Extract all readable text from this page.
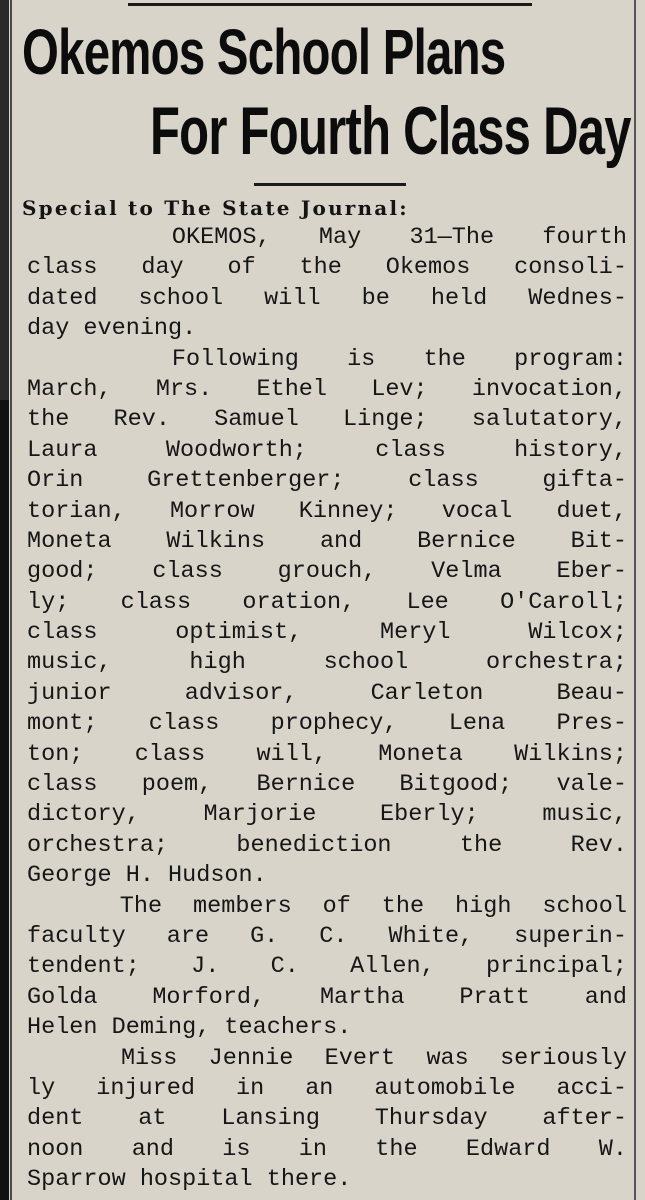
Okemos School Plans
For Fourth Class Day
Special to The State Journal:
OKEMOS, May 31—The fourth
class day of the Okemos consoli-
dated school will be held Wednes-
day evening.
Following is the program:
March, Mrs. Ethel Lev; invocation,
the Rev. Samuel Linge; salutatory,
Laura Woodworth; class history,
Orin Grettenberger; class gifta-
torian, Morrow Kinney; vocal duet,
Moneta Wilkins and Bernice Bit-
good; class grouch, Velma Eber-
ly; class oration, Lee O'Caroll;
class optimist, Meryl Wilcox;
music, high school orchestra;
junior advisor, Carleton Beau-
mont; class prophecy, Lena Pres-
ton; class will, Moneta Wilkins;
class poem, Bernice Bitgood; vale-
dictory, Marjorie Eberly; music,
orchestra; benediction the Rev.
George H. Hudson.
The members of the high school
faculty are G. C. White, superin-
tendent; J. C. Allen, principal;
Golda Morford, Martha Pratt and
Helen Deming, teachers.
Miss Jennie Evert was seriously
ly injured in an automobile acci-
dent at Lansing Thursday after-
noon and is in the Edward W.
Sparrow hospital there.
